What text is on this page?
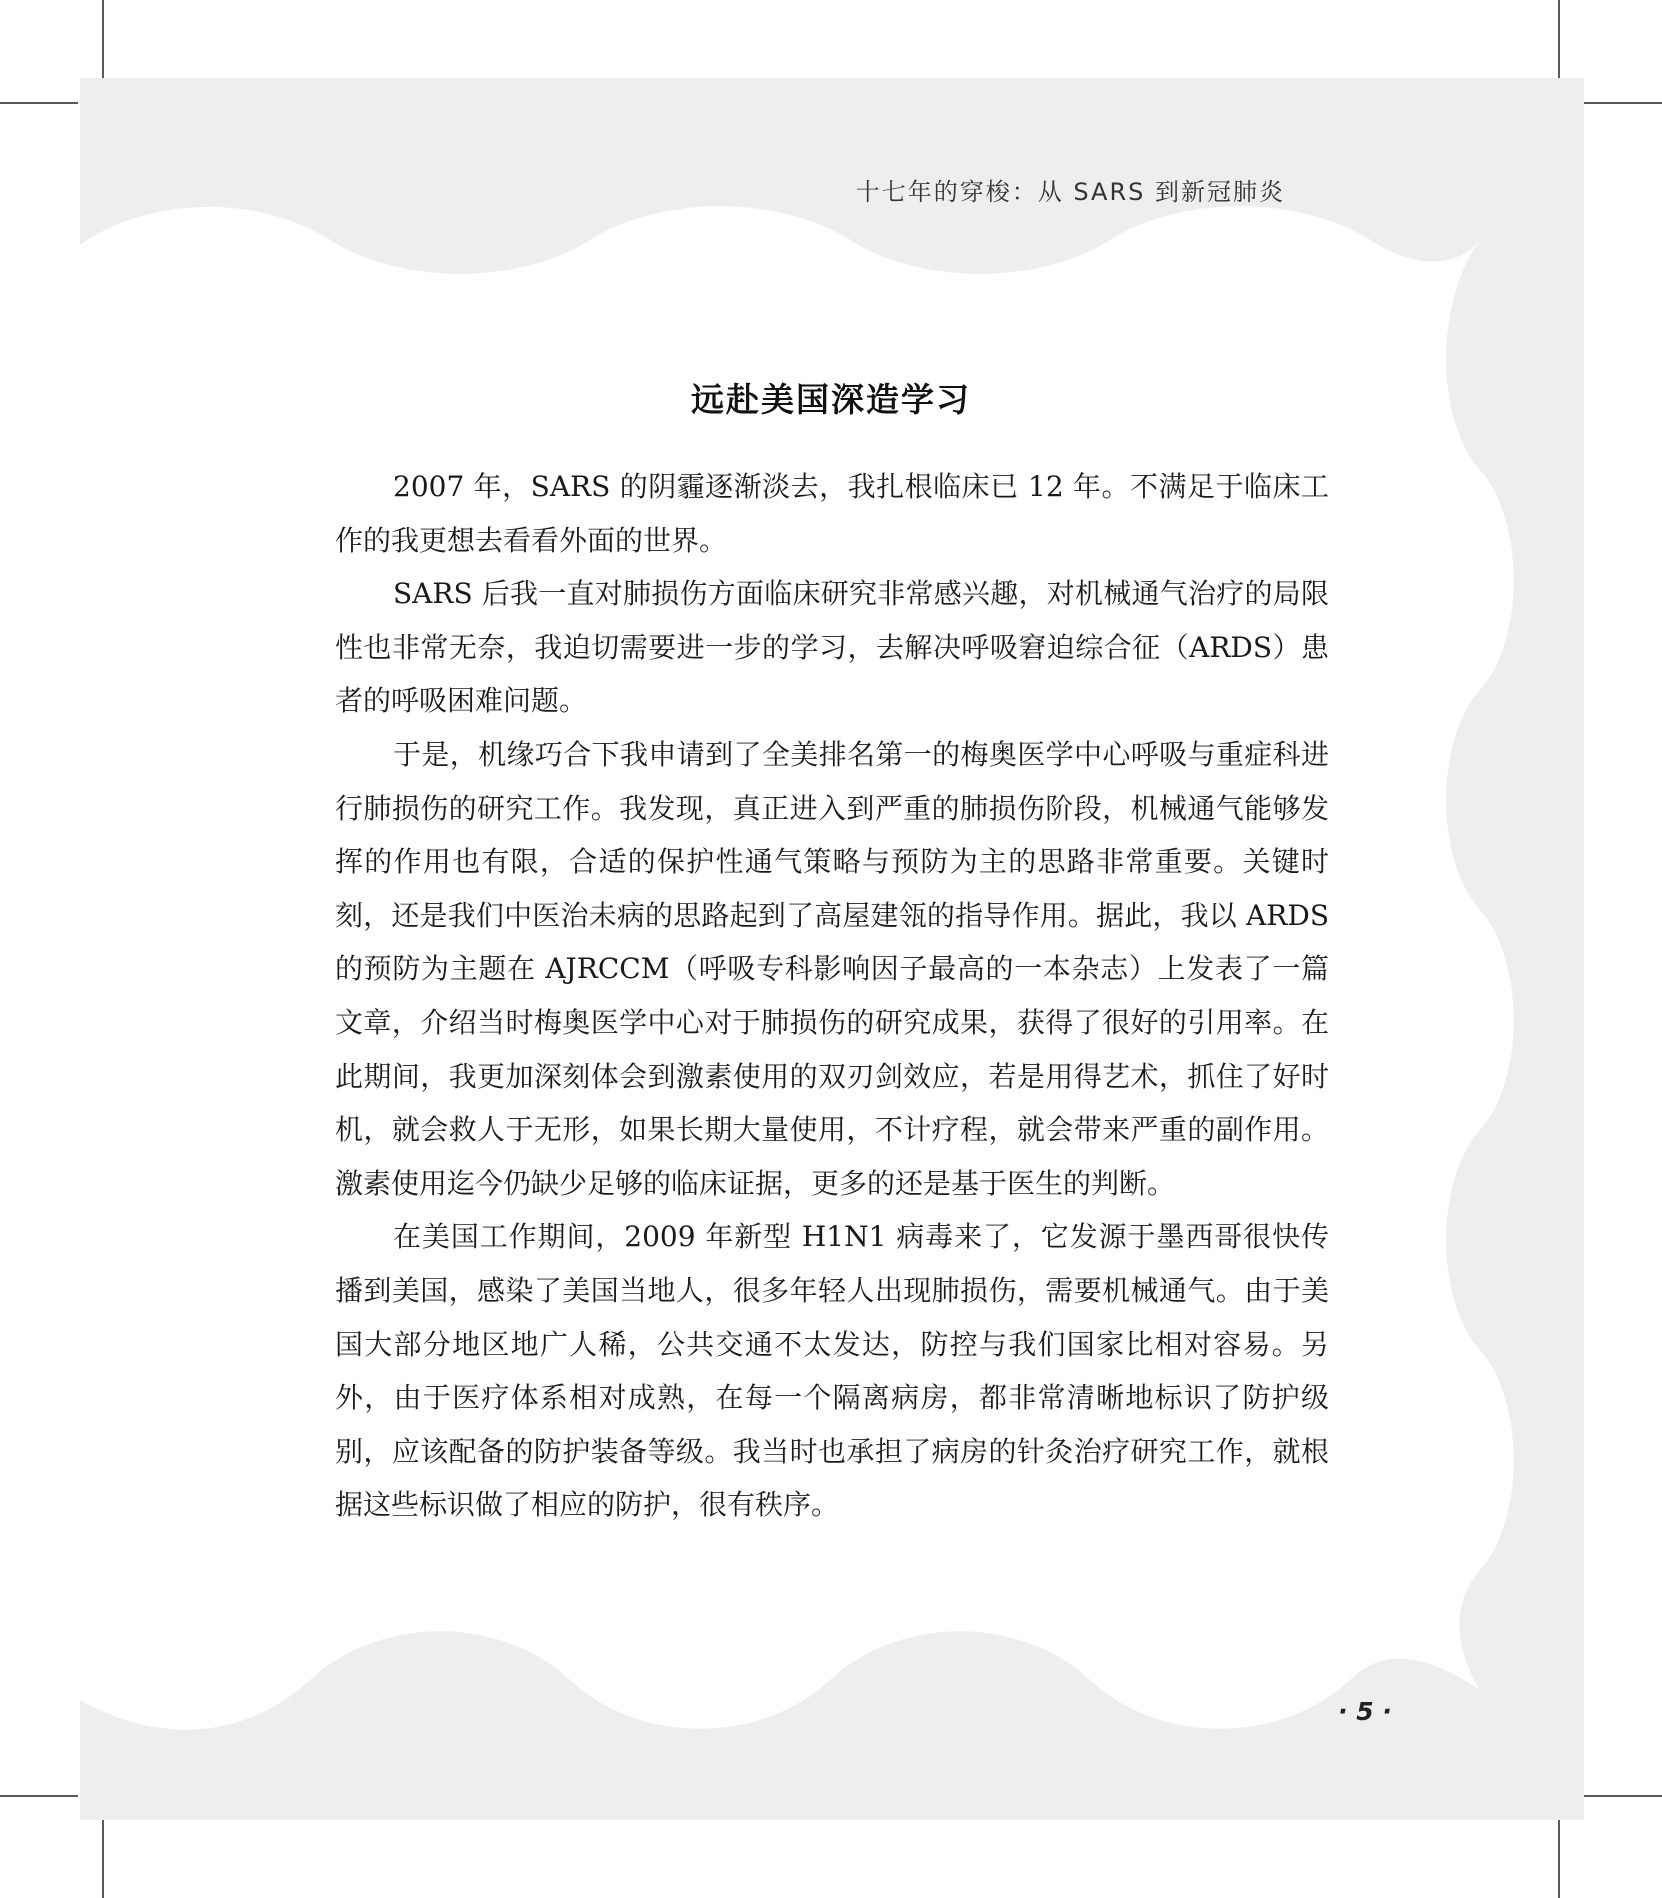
十七年的穿梭：从 SARS 到新冠肺炎
远赴美国深造学习

2007 年，SARS 的阴霾逐渐淡去，我扎根临床已 12 年。不满足于临床工作的我更想去看看外面的世界。

SARS 后我一直对肺损伤方面临床研究非常感兴趣，对机械通气治疗的局限性也非常无奈，我迫切需要进一步的学习，去解决呼吸窘迫综合征（ARDS）患者的呼吸困难问题。

于是，机缘巧合下我申请到了全美排名第一的梅奥医学中心呼吸与重症科进行肺损伤的研究工作。我发现，真正进入到严重的肺损伤阶段，机械通气能够发挥的作用也有限，合适的保护性通气策略与预防为主的思路非常重要。关键时刻，还是我们中医治未病的思路起到了高屋建瓴的指导作用。据此，我以 ARDS 的预防为主题在 AJRCCM（呼吸专科影响因子最高的一本杂志）上发表了一篇文章，介绍当时梅奥医学中心对于肺损伤的研究成果，获得了很好的引用率。在此期间，我更加深刻体会到激素使用的双刃剑效应，若是用得艺术，抓住了好时机，就会救人于无形，如果长期大量使用，不计疗程，就会带来严重的副作用。激素使用迄今仍缺少足够的临床证据，更多的还是基于医生的判断。

在美国工作期间，2009 年新型 H1N1 病毒来了，它发源于墨西哥很快传播到美国，感染了美国当地人，很多年轻人出现肺损伤，需要机械通气。由于美国大部分地区地广人稀，公共交通不太发达，防控与我们国家比相对容易。另外，由于医疗体系相对成熟，在每一个隔离病房，都非常清晰地标识了防护级别，应该配备的防护装备等级。我当时也承担了病房的针灸治疗研究工作，就根据这些标识做了相应的防护，很有秩序。

· 5 ·
